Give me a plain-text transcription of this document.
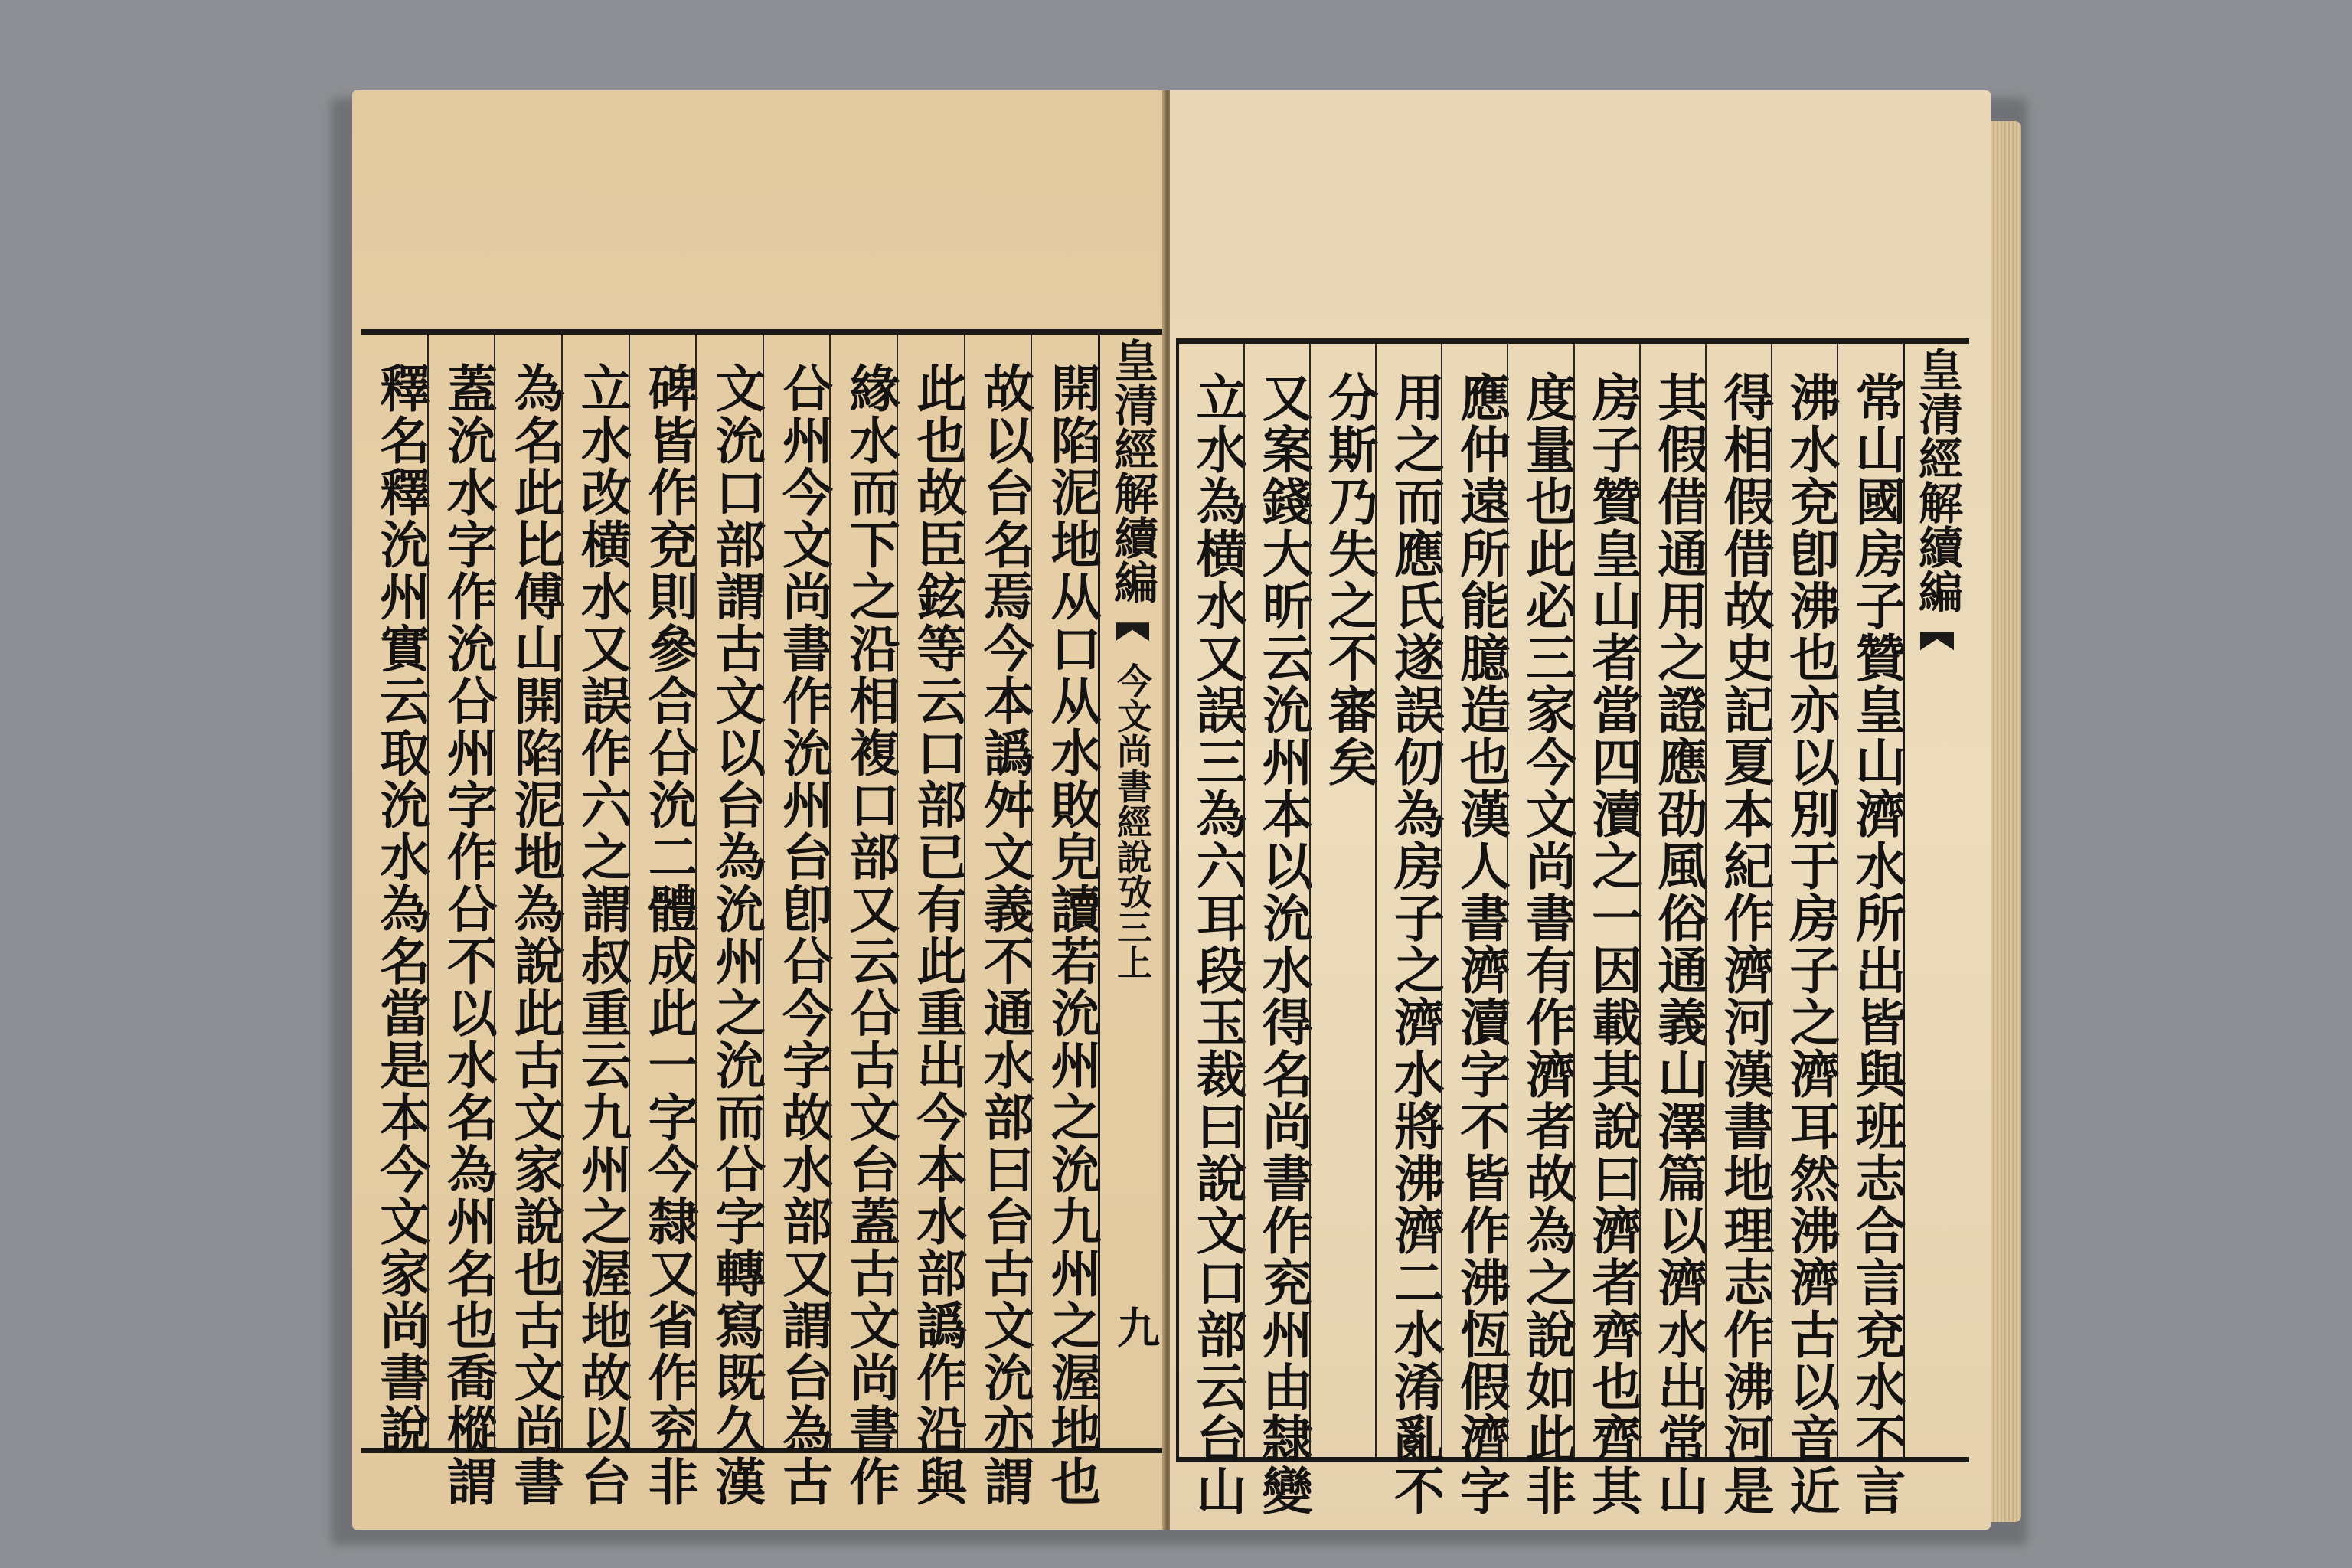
皇清經解續編  今文尚書經說攷三上
九
開陷泥地从口从水敗皃讀若沇州之沇九州之渥地也
故以台名焉今本譌舛文義不通水部曰台古文沇亦謂
此也故臣鉉等云口部已有此重出今本水部譌作沿與
緣水而下之沿相複口部又云㕣古文台蓋古文尚書作
㕣州今文尚書作沇州台卽㕣今字故水部又謂台為古
文沇口部謂古文以台為沇州之沇而㕣字轉寫既久漢
碑皆作兗則參合㕣沇二體成此一字今隸又省作兖非
立水改横水又誤作六之謂叔重云九州之渥地故以台
為名此比傅山開陷泥地為說此古文家說也古文尚書
蓋沇水字作沇㕣州字作㕣不以水名為州名也喬樅謂
釋名釋沇州實云取沇水為名當是本今文家尚書說	皇清經解續編
常山國房子贊皇山濟水所出皆與班志合言兗水不言
沸水兗卽沸也亦以別于房子之濟耳然沸濟古以音近
得相假借故史記夏本紀作濟河漢書地理志作沸河是
其假借通用之證應劭風俗通義山澤篇以濟水出常山
房子贊皇山者當四瀆之一因載其說曰濟者齊也齊其
度量也此必三家今文尚書有作濟者故為之說如此非
應仲遠所能臆造也漢人書濟瀆字不皆作沸恆假濟字
用之而應氏遂誤仞為房子之濟水將沸濟二水淆亂不
分斯乃失之不審矣
又案錢大昕云沇州本以沇水得名尚書作兖州由隸變
立水為横水又誤三為六耳段玉裁曰說文口部云台山
